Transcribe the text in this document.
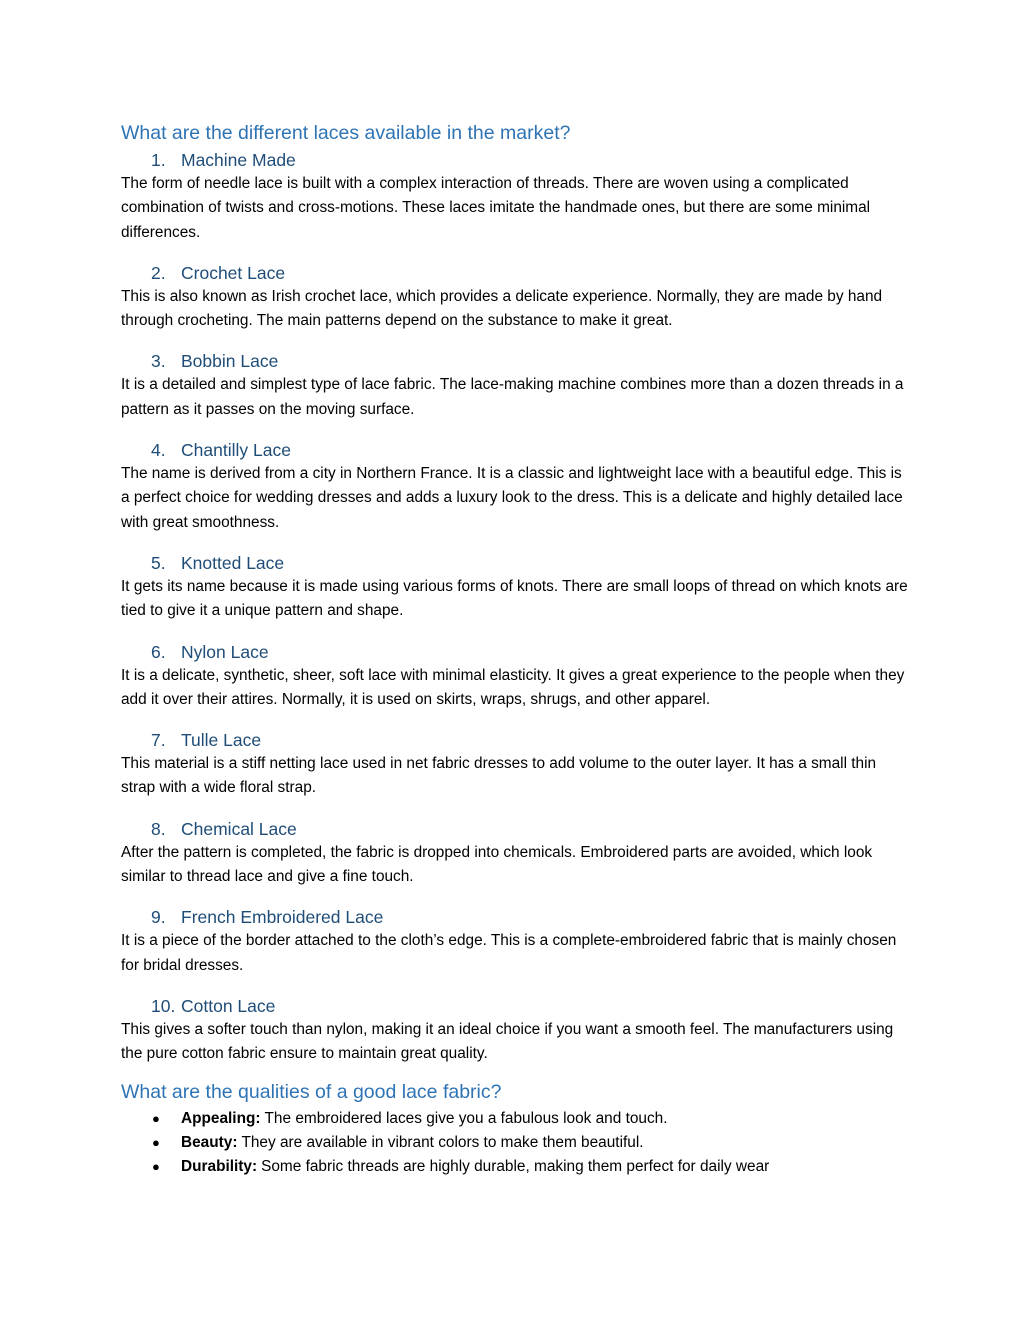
What are the different laces available in the market?
1. Machine Made

The form of needle lace is built with a complex interaction of threads. There are woven using a complicated combination of twists and cross-motions. These laces imitate the handmade ones, but there are some minimal differences.

2. Crochet Lace

This is also known as Irish crochet lace, which provides a delicate experience. Normally, they are made by hand through crocheting. The main patterns depend on the substance to make it great.

3. Bobbin Lace

It is a detailed and simplest type of lace fabric. The lace-making machine combines more than a dozen threads in a pattern as it passes on the moving surface.

4. Chantilly Lace

The name is derived from a city in Northern France. It is a classic and lightweight lace with a beautiful edge. This is a perfect choice for wedding dresses and adds a luxury look to the dress. This is a delicate and highly detailed lace with great smoothness.

5. Knotted Lace

It gets its name because it is made using various forms of knots. There are small loops of thread on which knots are tied to give it a unique pattern and shape.

6. Nylon Lace

It is a delicate, synthetic, sheer, soft lace with minimal elasticity. It gives a great experience to the people when they add it over their attires. Normally, it is used on skirts, wraps, shrugs, and other apparel.

7. Tulle Lace

This material is a stiff netting lace used in net fabric dresses to add volume to the outer layer. It has a small thin strap with a wide floral strap.

8. Chemical Lace

After the pattern is completed, the fabric is dropped into chemicals. Embroidered parts are avoided, which look similar to thread lace and give a fine touch.

9. French Embroidered Lace

It is a piece of the border attached to the cloth’s edge. This is a complete-embroidered fabric that is mainly chosen for bridal dresses.

10. Cotton Lace

This gives a softer touch than nylon, making it an ideal choice if you want a smooth feel. The manufacturers using the pure cotton fabric ensure to maintain great quality.

What are the qualities of a good lace fabric?
●	Appealing: The embroidered laces give you a fabulous look and touch.
●	Beauty: They are available in vibrant colors to make them beautiful.
●	Durability: Some fabric threads are highly durable, making them perfect for daily wear
